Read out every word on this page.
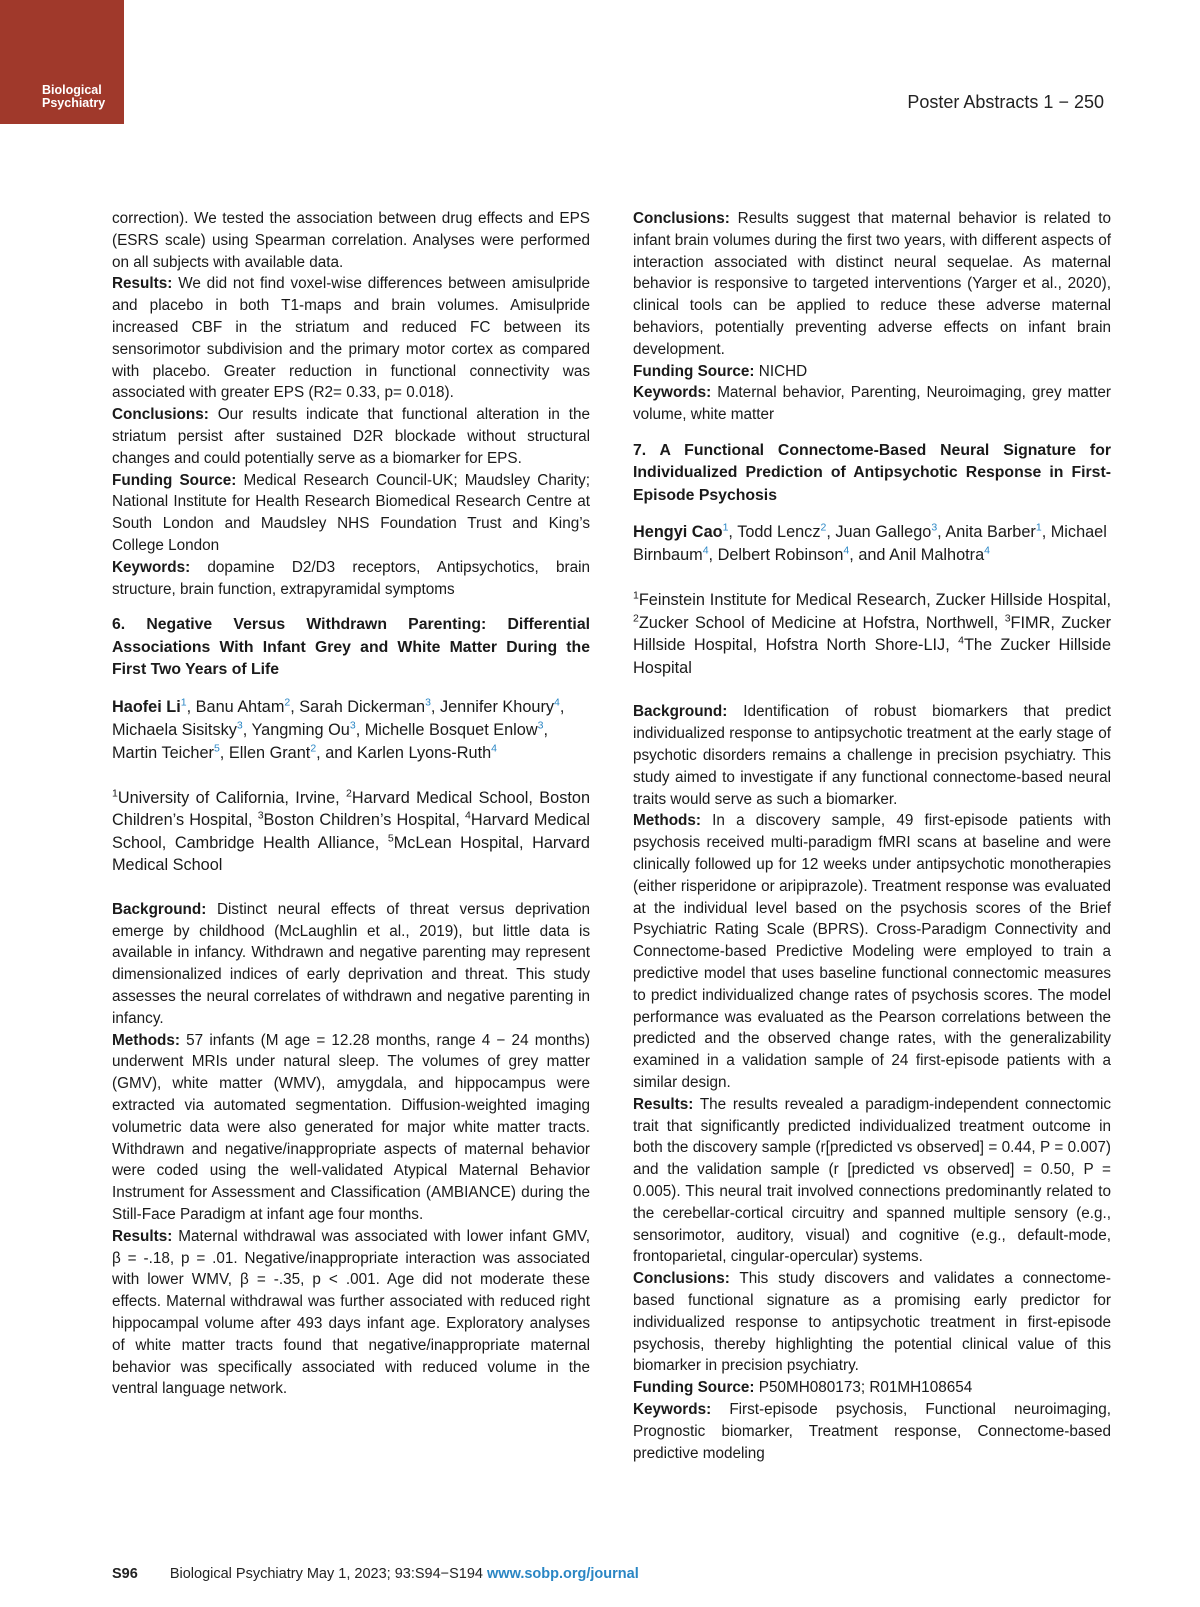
Biological
Psychiatry	Poster Abstracts 1 − 250

correction). We tested the association between drug effects and EPS (ESRS scale) using Spearman correlation. Analyses were performed on all subjects with available data.

Results: We did not find voxel-wise differences between amisulpride and placebo in both T1-maps and brain volumes. Amisulpride increased CBF in the striatum and reduced FC between its sensorimotor subdivision and the primary motor cortex as compared with placebo. Greater reduction in functional connectivity was associated with greater EPS (R2= 0.33, p= 0.018).

Conclusions: Our results indicate that functional alteration in the striatum persist after sustained D2R blockade without structural changes and could potentially serve as a biomarker for EPS.

Funding Source: Medical Research Council-UK; Maudsley Charity; National Institute for Health Research Biomedical Research Centre at South London and Maudsley NHS Foundation Trust and King’s College London

Keywords: dopamine D2/D3 receptors, Antipsychotics, brain structure, brain function, extrapyramidal symptoms

6. Negative Versus Withdrawn Parenting: Differential Associations With Infant Grey and White Matter During the First Two Years of Life
Haofei Li$^1$, Banu Ahtam$^2$, Sarah Dickerman$^3$, Jennifer Khoury$^4$, Michaela Sisitsky$^3$, Yangming Ou$^3$, Michelle Bosquet Enlow$^3$, Martin Teicher$^5$, Ellen Grant$^2$, and Karlen Lyons-Ruth$^4$
$^1$University of California, Irvine, $^2$Harvard Medical School, Boston Children’s Hospital, $^3$Boston Children’s Hospital, $^4$Harvard Medical School, Cambridge Health Alliance, $^5$McLean Hospital, Harvard Medical School

Background: Distinct neural effects of threat versus deprivation emerge by childhood (McLaughlin et al., 2019), but little data is available in infancy. Withdrawn and negative parenting may represent dimensionalized indices of early deprivation and threat. This study assesses the neural correlates of withdrawn and negative parenting in infancy.

Methods: 57 infants (M age = 12.28 months, range 4 − 24 months) underwent MRIs under natural sleep. The volumes of grey matter (GMV), white matter (WMV), amygdala, and hippocampus were extracted via automated segmentation. Diffusion-weighted imaging volumetric data were also generated for major white matter tracts. Withdrawn and negative/inappropriate aspects of maternal behavior were coded using the well-validated Atypical Maternal Behavior Instrument for Assessment and Classification (AMBIANCE) during the Still-Face Paradigm at infant age four months.

Results: Maternal withdrawal was associated with lower infant GMV, β = -.18, p = .01. Negative/inappropriate interaction was associated with lower WMV, β = -.35, p < .001. Age did not moderate these effects. Maternal withdrawal was further associated with reduced right hippocampal volume after 493 days infant age. Exploratory analyses of white matter tracts found that negative/inappropriate maternal behavior was specifically associated with reduced volume in the ventral language network.

Conclusions: Results suggest that maternal behavior is related to infant brain volumes during the first two years, with different aspects of interaction associated with distinct neural sequelae. As maternal behavior is responsive to targeted interventions (Yarger et al., 2020), clinical tools can be applied to reduce these adverse maternal behaviors, potentially preventing adverse effects on infant brain development.

Funding Source: NICHD

Keywords: Maternal behavior, Parenting, Neuroimaging, grey matter volume, white matter

7. A Functional Connectome-Based Neural Signature for Individualized Prediction of Antipsychotic Response in First-Episode Psychosis
Hengyi Cao$^1$, Todd Lencz$^2$, Juan Gallego$^3$, Anita Barber$^1$, Michael Birnbaum$^4$, Delbert Robinson$^4$, and Anil Malhotra$^4$
$^1$Feinstein Institute for Medical Research, Zucker Hillside Hospital, $^2$Zucker School of Medicine at Hofstra, Northwell, $^3$FIMR, Zucker Hillside Hospital, Hofstra North Shore-LIJ, $^4$The Zucker Hillside Hospital

Background: Identification of robust biomarkers that predict individualized response to antipsychotic treatment at the early stage of psychotic disorders remains a challenge in precision psychiatry. This study aimed to investigate if any functional connectome-based neural traits would serve as such a biomarker.

Methods: In a discovery sample, 49 first-episode patients with psychosis received multi-paradigm fMRI scans at baseline and were clinically followed up for 12 weeks under antipsychotic monotherapies (either risperidone or aripiprazole). Treatment response was evaluated at the individual level based on the psychosis scores of the Brief Psychiatric Rating Scale (BPRS). Cross-Paradigm Connectivity and Connectome-based Predictive Modeling were employed to train a predictive model that uses baseline functional connectomic measures to predict individualized change rates of psychosis scores. The model performance was evaluated as the Pearson correlations between the predicted and the observed change rates, with the generalizability examined in a validation sample of 24 first-episode patients with a similar design.

Results: The results revealed a paradigm-independent connectomic trait that significantly predicted individualized treatment outcome in both the discovery sample (r[predicted vs observed] = 0.44, P = 0.007) and the validation sample (r [predicted vs observed] = 0.50, P = 0.005). This neural trait involved connections predominantly related to the cerebellar-cortical circuitry and spanned multiple sensory (e.g., sensorimotor, auditory, visual) and cognitive (e.g., default-mode, frontoparietal, cingular-opercular) systems.

Conclusions: This study discovers and validates a connectome-based functional signature as a promising early predictor for individualized response to antipsychotic treatment in first-episode psychosis, thereby highlighting the potential clinical value of this biomarker in precision psychiatry.

Funding Source: P50MH080173; R01MH108654

Keywords: First-episode psychosis, Functional neuroimaging, Prognostic biomarker, Treatment response, Connectome-based predictive modeling

S96 Biological Psychiatry May 1, 2023; 93:S94−S194 www.sobp.org/journal
